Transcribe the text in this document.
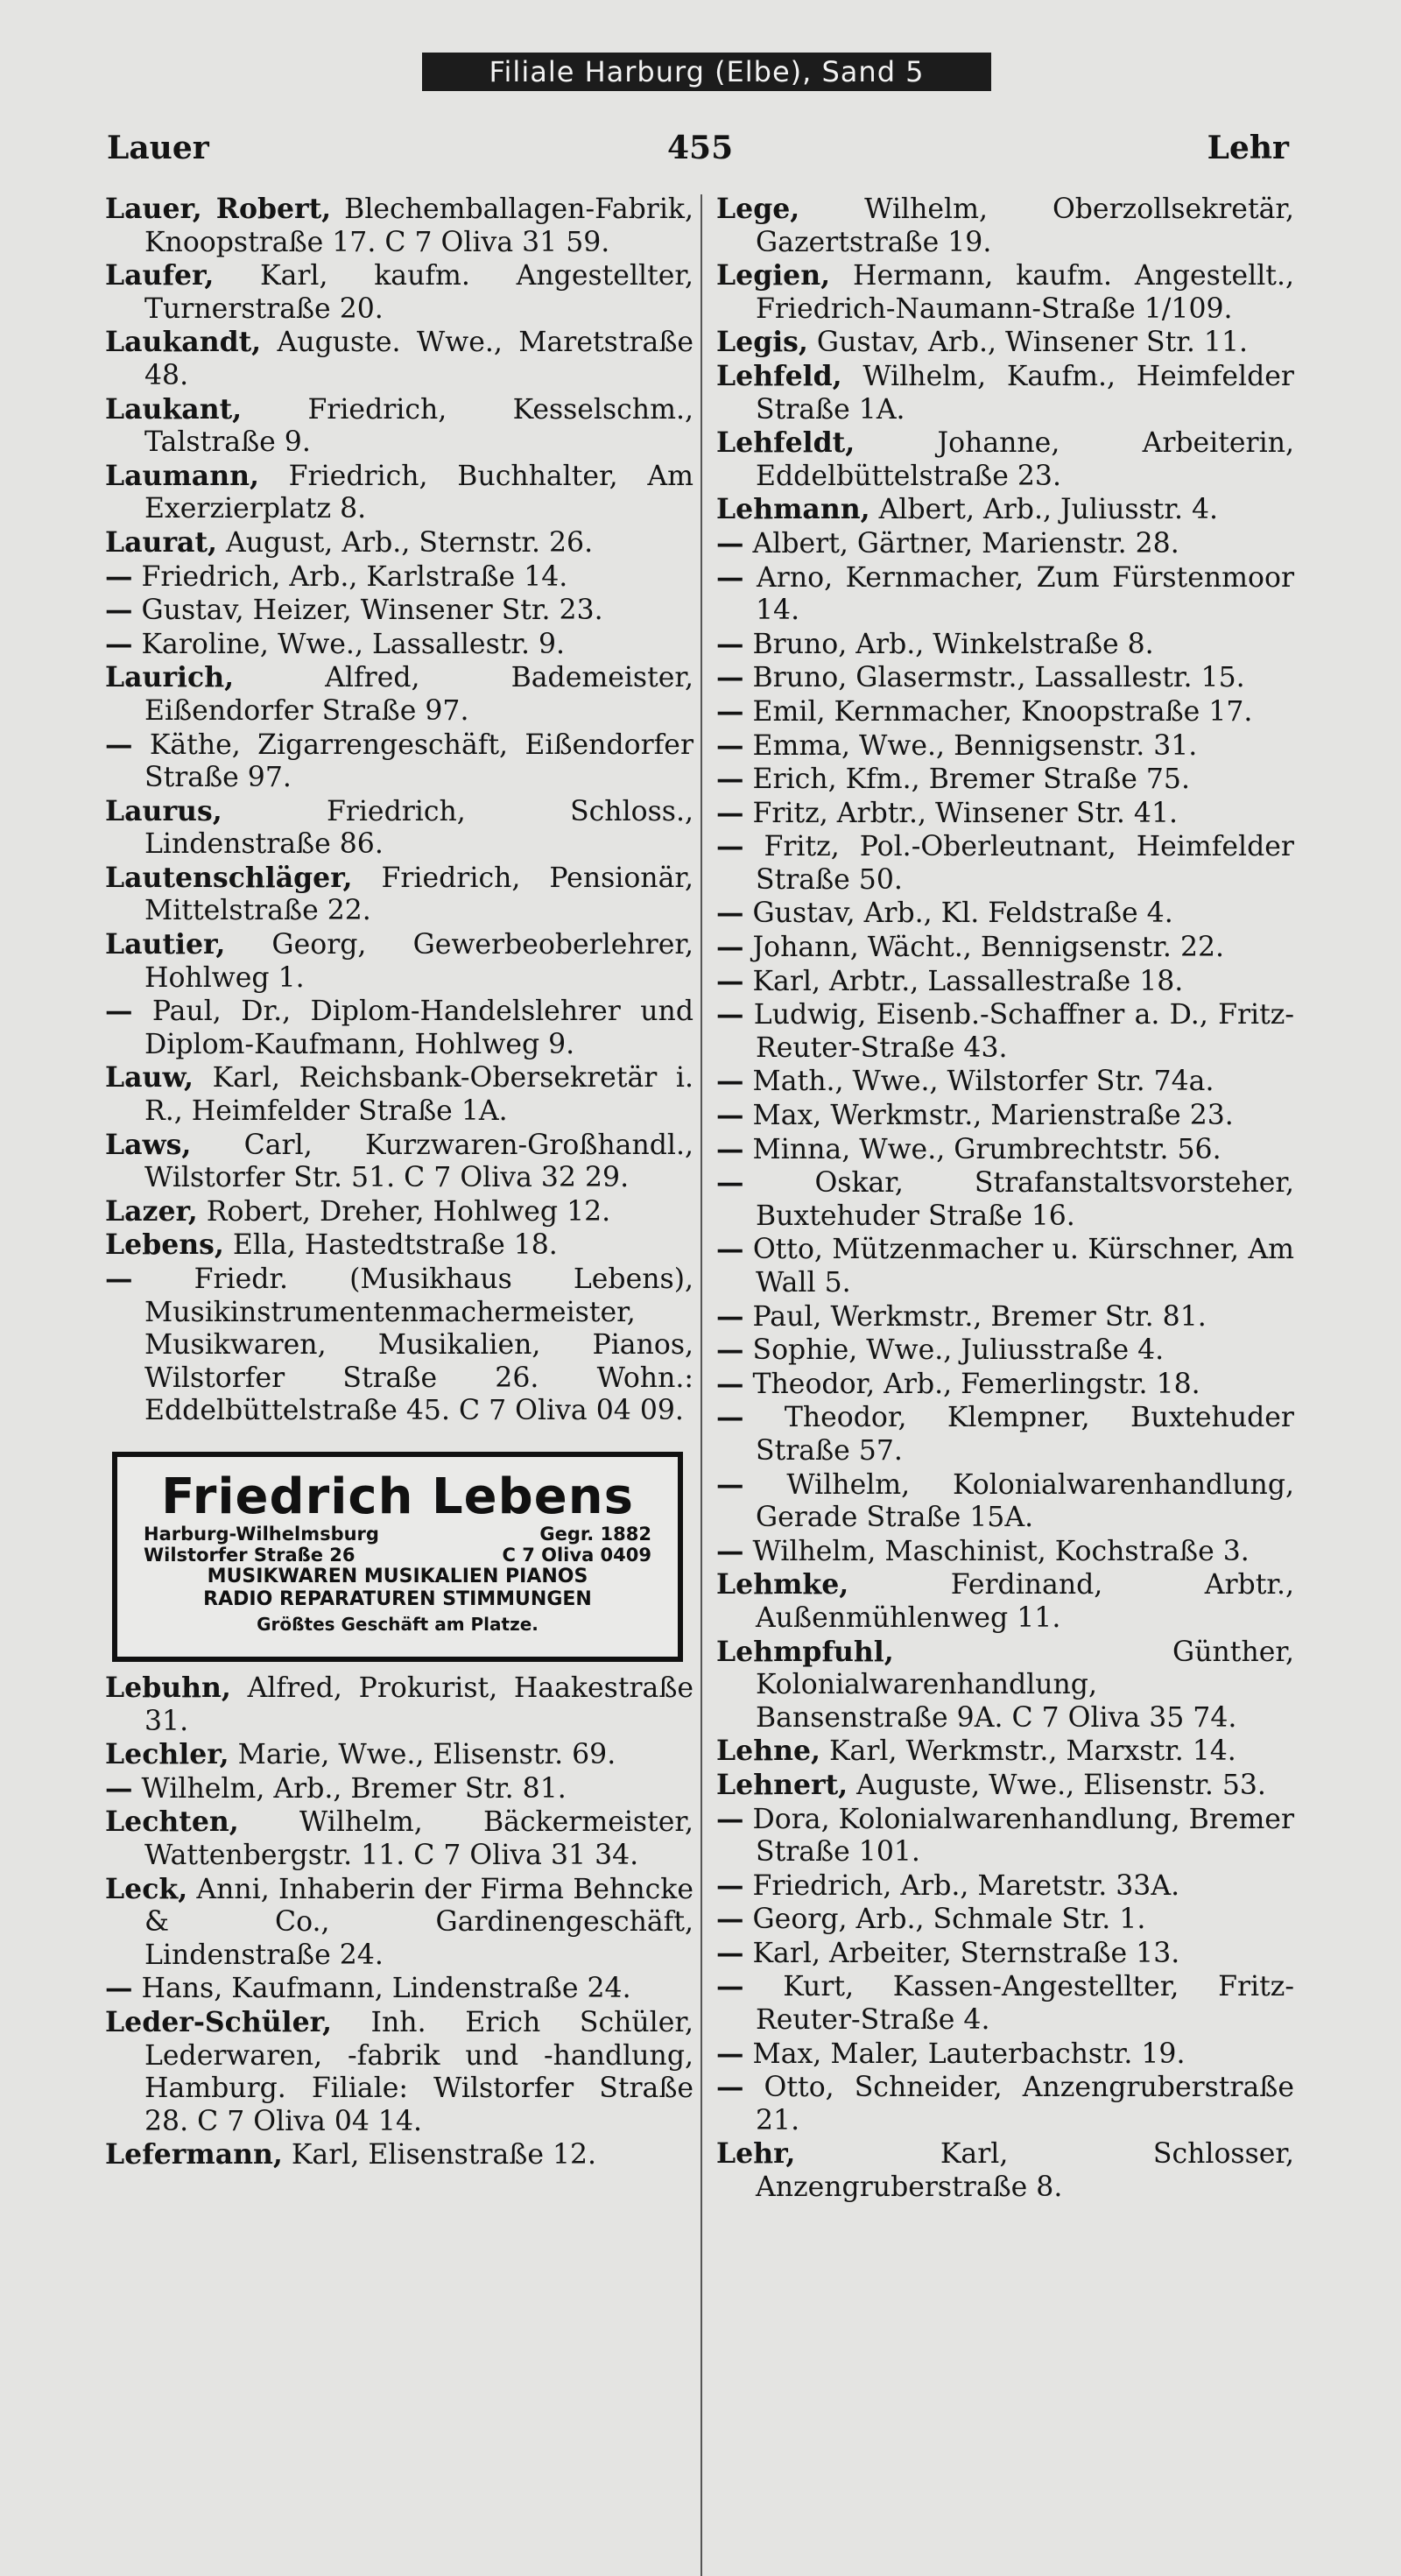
Filiale Harburg (Elbe), Sand 5
Lauer	455	Lehr
Lauer, Robert, Blechemballagen-Fabrik, Knoopstraße 17. C 7 Oliva 31 59.
Laufer, Karl, kaufm. Angestellter, Turnerstraße 20.
Laukandt, Auguste. Wwe., Maretstraße 48.
Laukant, Friedrich, Kesselschm., Talstraße 9.
Laumann, Friedrich, Buchhalter, Am Exerzierplatz 8.
Laurat, August, Arb., Sternstr. 26.
— Friedrich, Arb., Karlstraße 14.
— Gustav, Heizer, Winsener Str. 23.
— Karoline, Wwe., Lassallestr. 9.
Laurich, Alfred, Bademeister, Eißendorfer Straße 97.
— Käthe, Zigarrengeschäft, Eißendorfer Straße 97.
Laurus, Friedrich, Schloss., Lindenstraße 86.
Lautenschläger, Friedrich, Pensionär, Mittelstraße 22.
Lautier, Georg, Gewerbeoberlehrer, Hohlweg 1.
— Paul, Dr., Diplom-Handelslehrer und Diplom-Kaufmann, Hohlweg 9.
Lauw, Karl, Reichsbank-Obersekretär i. R., Heimfelder Straße 1A.
Laws, Carl, Kurzwaren-Großhandl., Wilstorfer Str. 51. C 7 Oliva 32 29.
Lazer, Robert, Dreher, Hohlweg 12.
Lebens, Ella, Hastedtstraße 18.
— Friedr. (Musikhaus Lebens), Musikinstrumentenmachermeister, Musikwaren, Musikalien, Pianos, Wilstorfer Straße 26. Wohn.: Eddelbüttelstraße 45. C 7 Oliva 04 09.
Friedrich Lebens
Harburg-Wilhelmsburg	Gegr. 1882
Wilstorfer Straße 26	C 7 Oliva 0409
MUSIKWAREN MUSIKALIEN PIANOS
RADIO REPARATUREN STIMMUNGEN
Größtes Geschäft am Platze.
Lebuhn, Alfred, Prokurist, Haakestraße 31.
Lechler, Marie, Wwe., Elisenstr. 69.
— Wilhelm, Arb., Bremer Str. 81.
Lechten, Wilhelm, Bäckermeister, Wattenbergstr. 11. C 7 Oliva 31 34.
Leck, Anni, Inhaberin der Firma Behncke & Co., Gardinengeschäft, Lindenstraße 24.
— Hans, Kaufmann, Lindenstraße 24.
Leder-Schüler, Inh. Erich Schüler, Lederwaren, -fabrik und -handlung, Hamburg. Filiale: Wilstorfer Straße 28. C 7 Oliva 04 14.
Lefermann, Karl, Elisenstraße 12.
Lege, Wilhelm, Oberzollsekretär, Gazertstraße 19.
Legien, Hermann, kaufm. Angestellt., Friedrich-Naumann-Straße 1/109.
Legis, Gustav, Arb., Winsener Str. 11.
Lehfeld, Wilhelm, Kaufm., Heimfelder Straße 1A.
Lehfeldt, Johanne, Arbeiterin, Eddelbüttelstraße 23.
Lehmann, Albert, Arb., Juliusstr. 4.
— Albert, Gärtner, Marienstr. 28.
— Arno, Kernmacher, Zum Fürstenmoor 14.
— Bruno, Arb., Winkelstraße 8.
— Bruno, Glasermstr., Lassallestr. 15.
— Emil, Kernmacher, Knoopstraße 17.
— Emma, Wwe., Bennigsenstr. 31.
— Erich, Kfm., Bremer Straße 75.
— Fritz, Arbtr., Winsener Str. 41.
— Fritz, Pol.-Oberleutnant, Heimfelder Straße 50.
— Gustav, Arb., Kl. Feldstraße 4.
— Johann, Wächt., Bennigsenstr. 22.
— Karl, Arbtr., Lassallestraße 18.
— Ludwig, Eisenb.-Schaffner a. D., Fritz-Reuter-Straße 43.
— Math., Wwe., Wilstorfer Str. 74a.
— Max, Werkmstr., Marienstraße 23.
— Minna, Wwe., Grumbrechtstr. 56.
— Oskar, Strafanstaltsvorsteher, Buxtehuder Straße 16.
— Otto, Mützenmacher u. Kürschner, Am Wall 5.
— Paul, Werkmstr., Bremer Str. 81.
— Sophie, Wwe., Juliusstraße 4.
— Theodor, Arb., Femerlingstr. 18.
— Theodor, Klempner, Buxtehuder Straße 57.
— Wilhelm, Kolonialwarenhandlung, Gerade Straße 15A.
— Wilhelm, Maschinist, Kochstraße 3.
Lehmke, Ferdinand, Arbtr., Außenmühlenweg 11.
Lehmpfuhl, Günther, Kolonialwarenhandlung, Bansenstraße 9A. C 7 Oliva 35 74.
Lehne, Karl, Werkmstr., Marxstr. 14.
Lehnert, Auguste, Wwe., Elisenstr. 53.
— Dora, Kolonialwarenhandlung, Bremer Straße 101.
— Friedrich, Arb., Maretstr. 33A.
— Georg, Arb., Schmale Str. 1.
— Karl, Arbeiter, Sternstraße 13.
— Kurt, Kassen-Angestellter, Fritz-Reuter-Straße 4.
— Max, Maler, Lauterbachstr. 19.
— Otto, Schneider, Anzengruberstraße 21.
Lehr, Karl, Schlosser, Anzengruberstraße 8.
